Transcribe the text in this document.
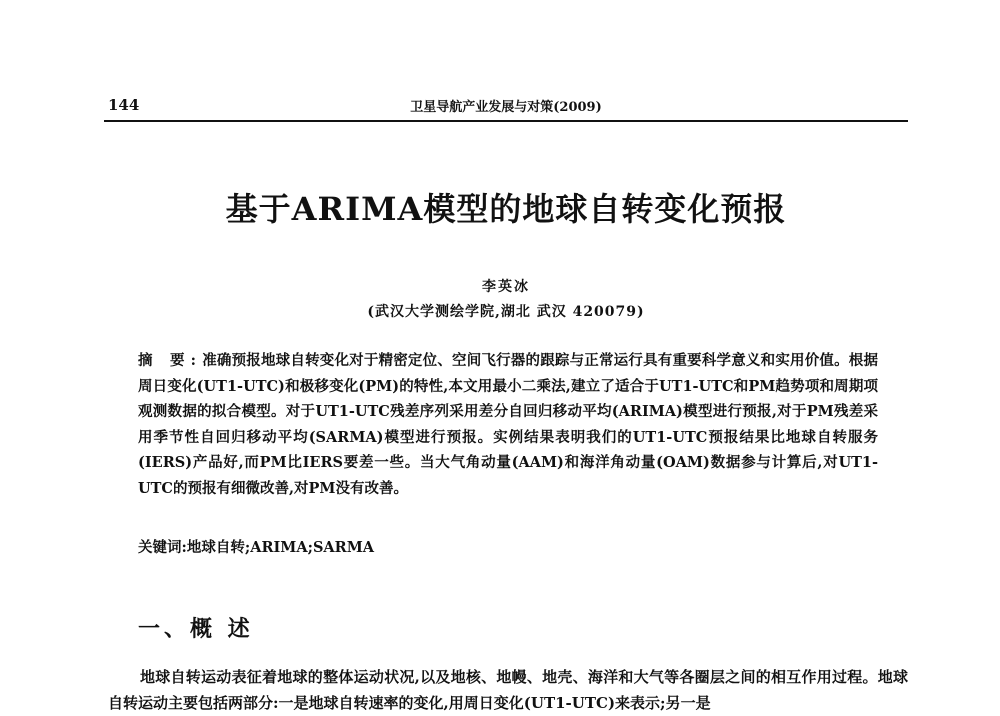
144	卫星导航产业发展与对策(2009)
基于ARIMA模型的地球自转变化预报
李英冰
(武汉大学测绘学院,湖北 武汉 420079)
摘 要:准确预报地球自转变化对于精密定位、空间飞行器的跟踪与正常运行具有重要科学意义和实用价值。根据周日变化(UT1-UTC)和极移变化(PM)的特性,本文用最小二乘法,建立了适合于UT1-UTC和PM趋势项和周期项观测数据的拟合模型。对于UT1-UTC残差序列采用差分自回归移动平均(ARIMA)模型进行预报,对于PM残差采用季节性自回归移动平均(SARMA)模型进行预报。实例结果表明我们的UT1-UTC预报结果比地球自转服务(IERS)产品好,而PM比IERS要差一些。当大气角动量(AAM)和海洋角动量(OAM)数据参与计算后,对UT1-UTC的预报有细微改善,对PM没有改善。
关键词:地球自转;ARIMA;SARMA
一、概 述
地球自转运动表征着地球的整体运动状况,以及地核、地幔、地壳、海洋和大气等各圈层之间的相互作用过程。地球自转运动主要包括两部分:一是地球自转速率的变化,用周日变化(UT1-UTC)来表示;另一是
